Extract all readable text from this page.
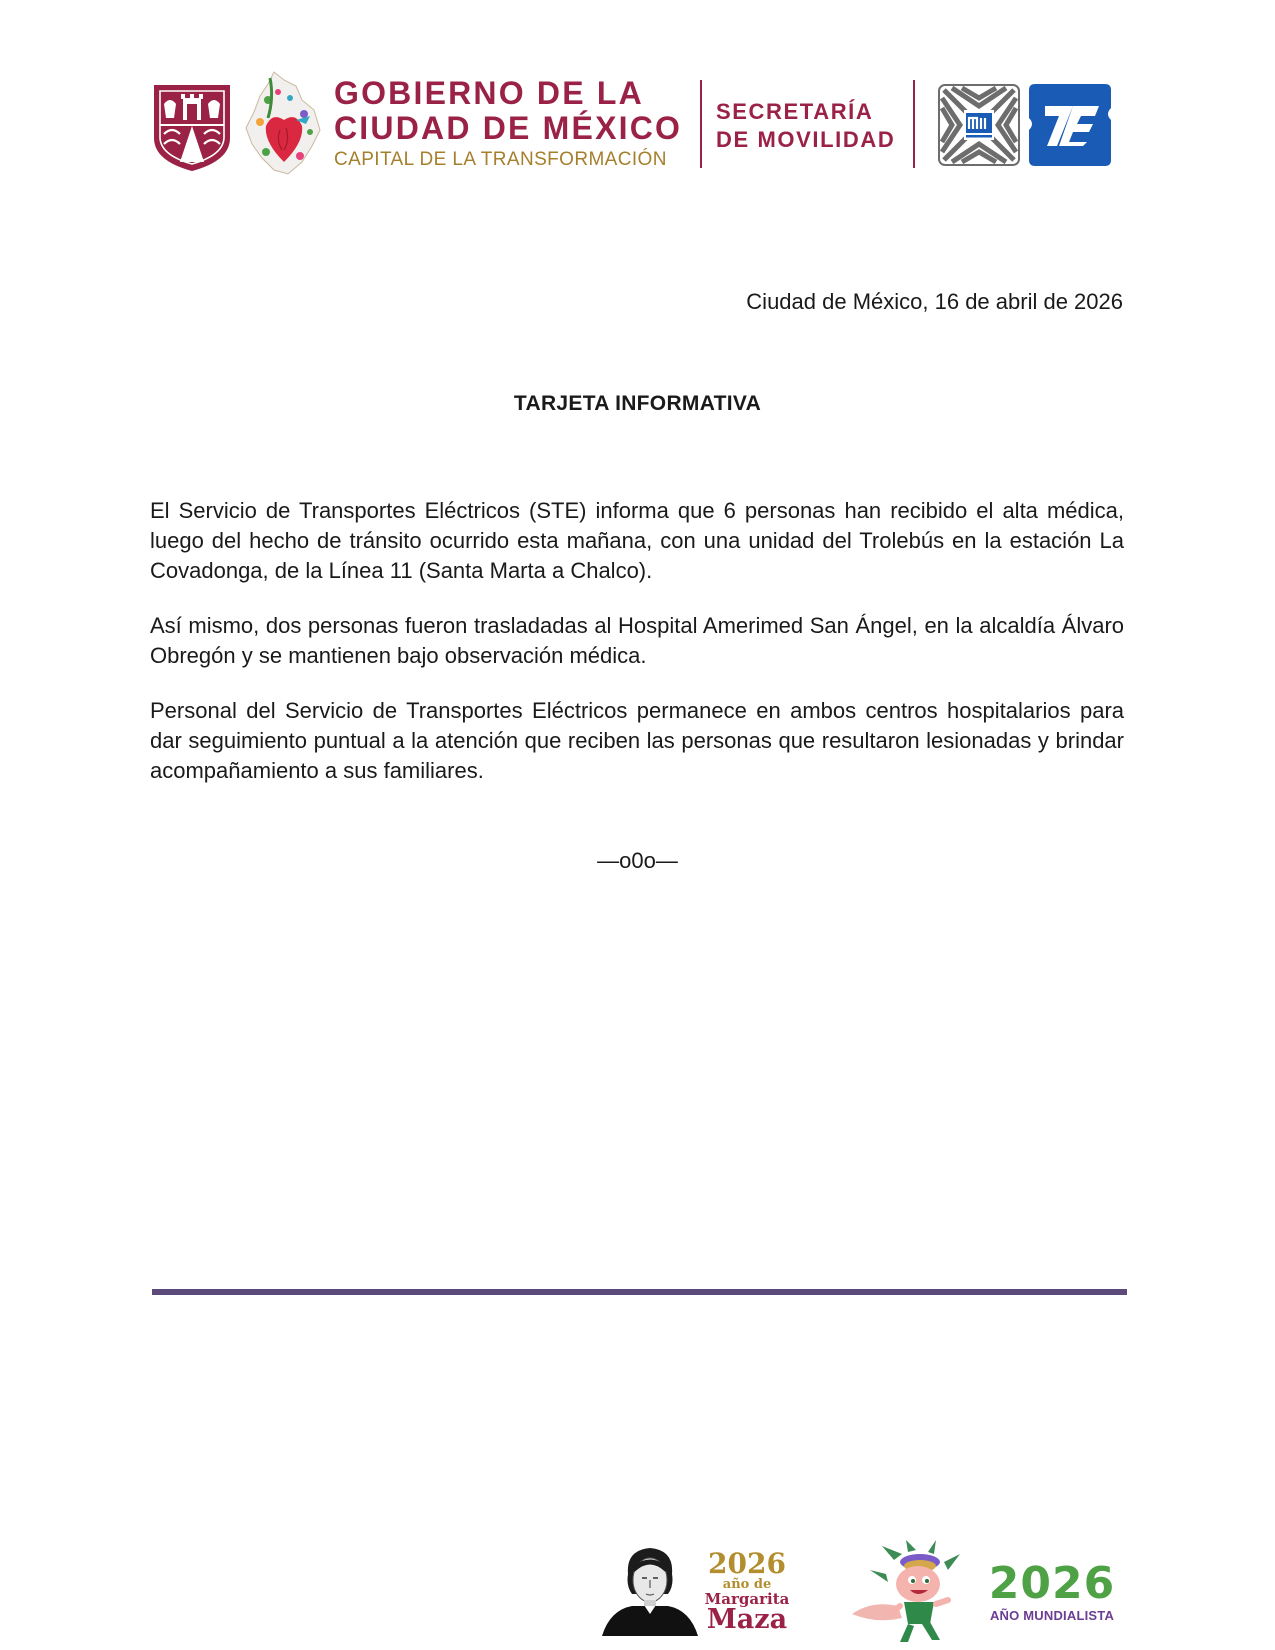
GOBIERNO DE LA
CIUDAD DE MÉXICO
CAPITAL DE LA TRANSFORMACIÓN
SECRETARÍA
DE MOVILIDAD
Ciudad de México, 16 de abril de 2026
TARJETA INFORMATIVA

El Servicio de Transportes Eléctricos (STE) informa que 6 personas han recibido el alta médica, luego del hecho de tránsito ocurrido esta mañana, con una unidad del Trolebús en la estación La Covadonga, de la Línea 11 (Santa Marta a Chalco).

Así mismo, dos personas fueron trasladadas al Hospital Amerimed San Ángel, en la alcaldía Álvaro Obregón y se mantienen bajo observación médica.

Personal del Servicio de Transportes Eléctricos permanece en ambos centros hospitalarios para dar seguimiento puntual a la atención que reciben las personas que resultaron lesionadas y brindar acompañamiento a sus familiares.

—o0o—
2026
año de
Margarita
Maza
2026
AÑO MUNDIALISTA
